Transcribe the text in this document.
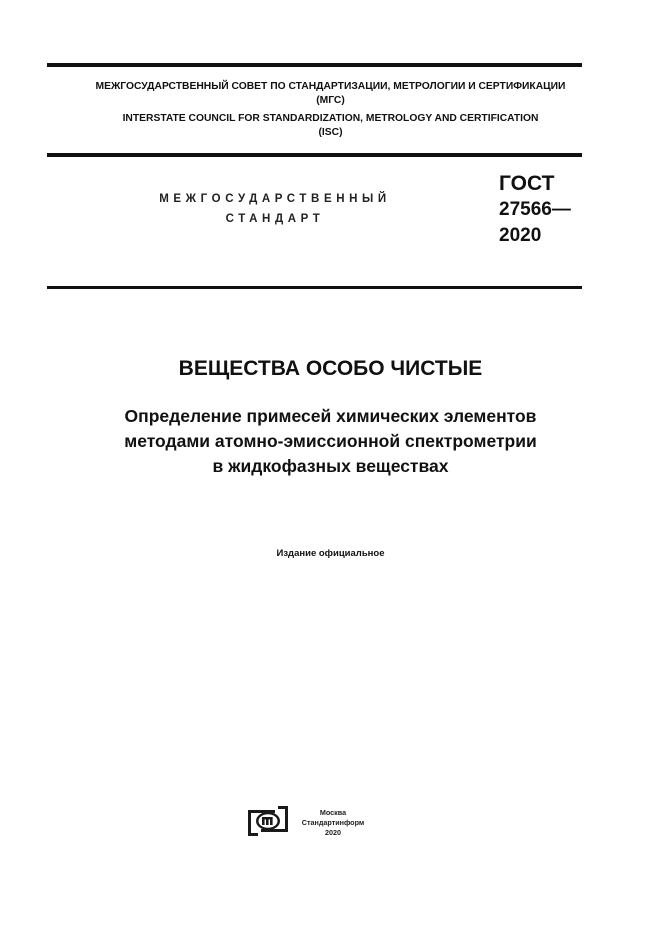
МЕЖГОСУДАРСТВЕННЫЙ СОВЕТ ПО СТАНДАРТИЗАЦИИ, МЕТРОЛОГИИ И СЕРТИФИКАЦИИ
(МГС)
INTERSTATE COUNCIL FOR STANDARDIZATION, METROLOGY AND CERTIFICATION
(ISC)
МЕЖГОСУДАРСТВЕННЫЙ
СТАНДАРТ
ГОСТ
27566—
2020
ВЕЩЕСТВА ОСОБО ЧИСТЫЕ
Определение примесей химических элементов
методами атомно-эмиссионной спектрометрии
в жидкофазных веществах
Издание официальное
Москва
Стандартинформ
2020
